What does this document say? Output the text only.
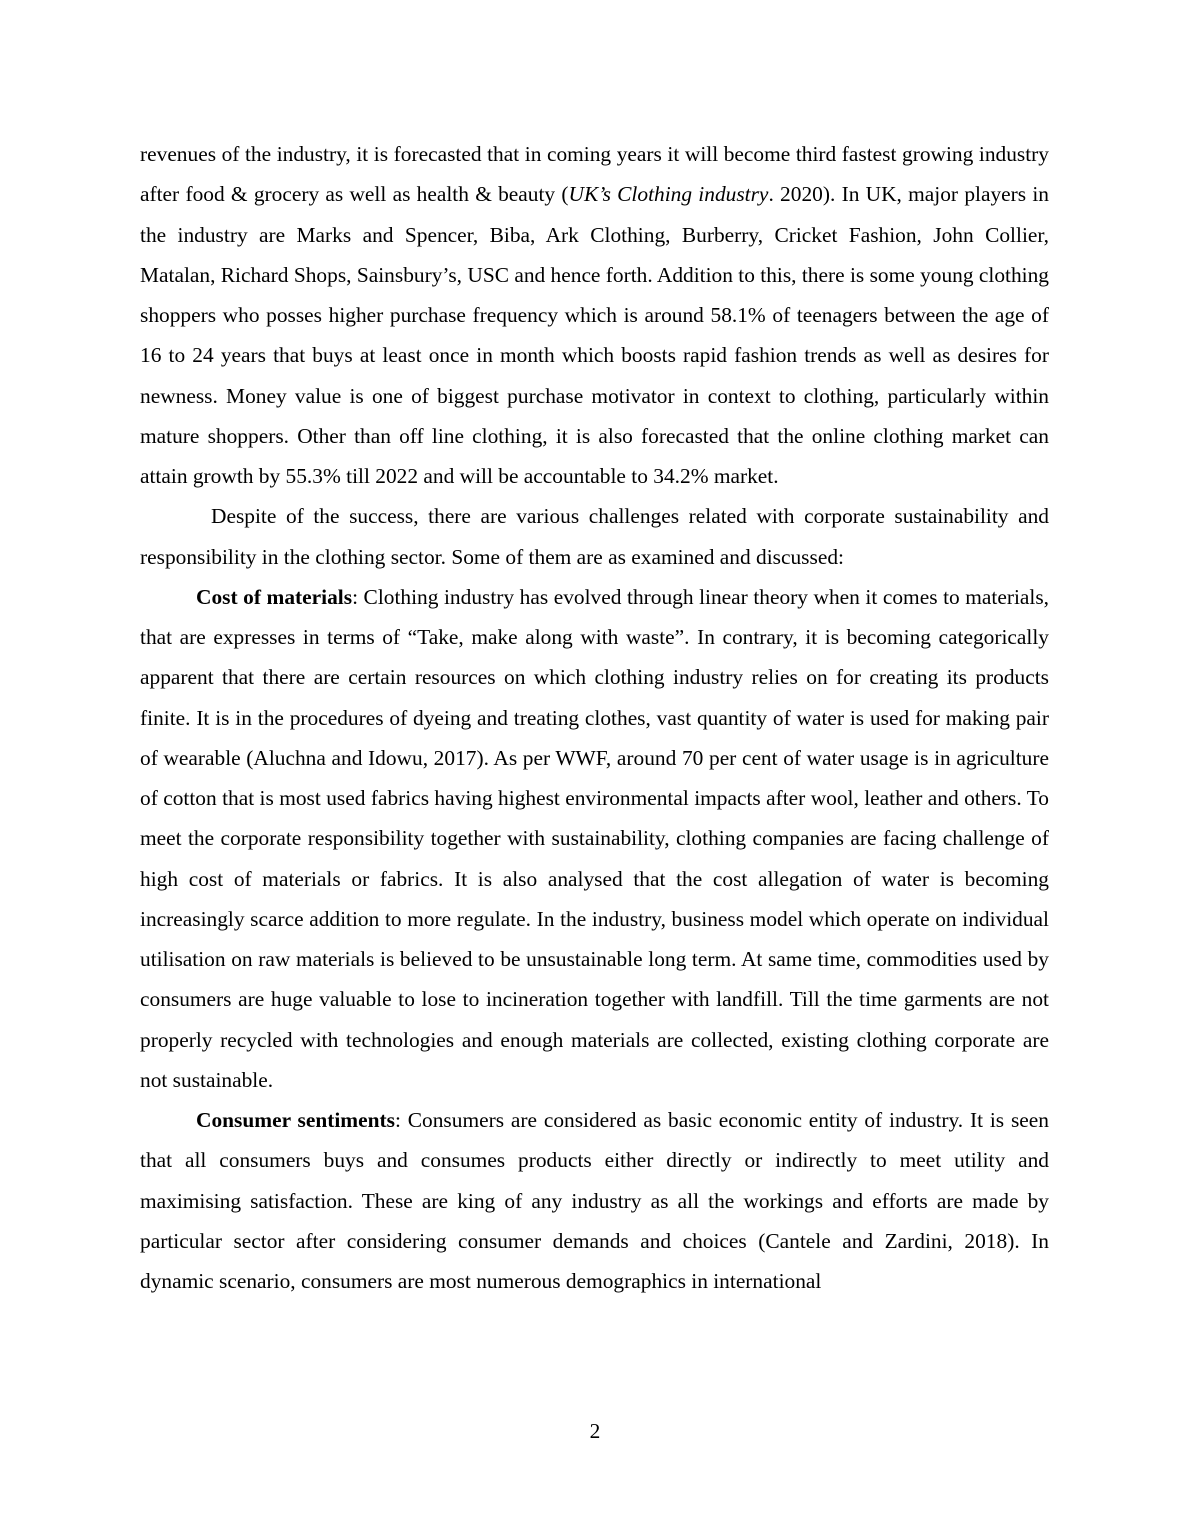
revenues of the industry, it is forecasted that in coming years it will become third fastest growing industry after food & grocery as well as health & beauty (UK’s Clothing industry. 2020). In UK, major players in the industry are Marks and Spencer, Biba, Ark Clothing, Burberry, Cricket Fashion, John Collier, Matalan, Richard Shops, Sainsbury’s, USC and hence forth. Addition to this, there is some young clothing shoppers who posses higher purchase frequency which is around 58.1% of teenagers between the age of 16 to 24 years that buys at least once in month which boosts rapid fashion trends as well as desires for newness. Money value is one of biggest purchase motivator in context to clothing, particularly within mature shoppers. Other than off line clothing, it is also forecasted that the online clothing market can attain growth by 55.3% till 2022 and will be accountable to 34.2% market.

Despite of the success, there are various challenges related with corporate sustainability and responsibility in the clothing sector. Some of them are as examined and discussed:

Cost of materials: Clothing industry has evolved through linear theory when it comes to materials, that are expresses in terms of “Take, make along with waste”. In contrary, it is becoming categorically apparent that there are certain resources on which clothing industry relies on for creating its products finite. It is in the procedures of dyeing and treating clothes, vast quantity of water is used for making pair of wearable (Aluchna and Idowu, 2017). As per WWF, around 70 per cent of water usage is in agriculture of cotton that is most used fabrics having highest environmental impacts after wool, leather and others. To meet the corporate responsibility together with sustainability, clothing companies are facing challenge of high cost of materials or fabrics. It is also analysed that the cost allegation of water is becoming increasingly scarce addition to more regulate. In the industry, business model which operate on individual utilisation on raw materials is believed to be unsustainable long term. At same time, commodities used by consumers are huge valuable to lose to incineration together with landfill. Till the time garments are not properly recycled with technologies and enough materials are collected, existing clothing corporate are not sustainable.

Consumer sentiments: Consumers are considered as basic economic entity of industry. It is seen that all consumers buys and consumes products either directly or indirectly to meet utility and maximising satisfaction. These are king of any industry as all the workings and efforts are made by particular sector after considering consumer demands and choices (Cantele and Zardini, 2018). In dynamic scenario, consumers are most numerous demographics in international

2
